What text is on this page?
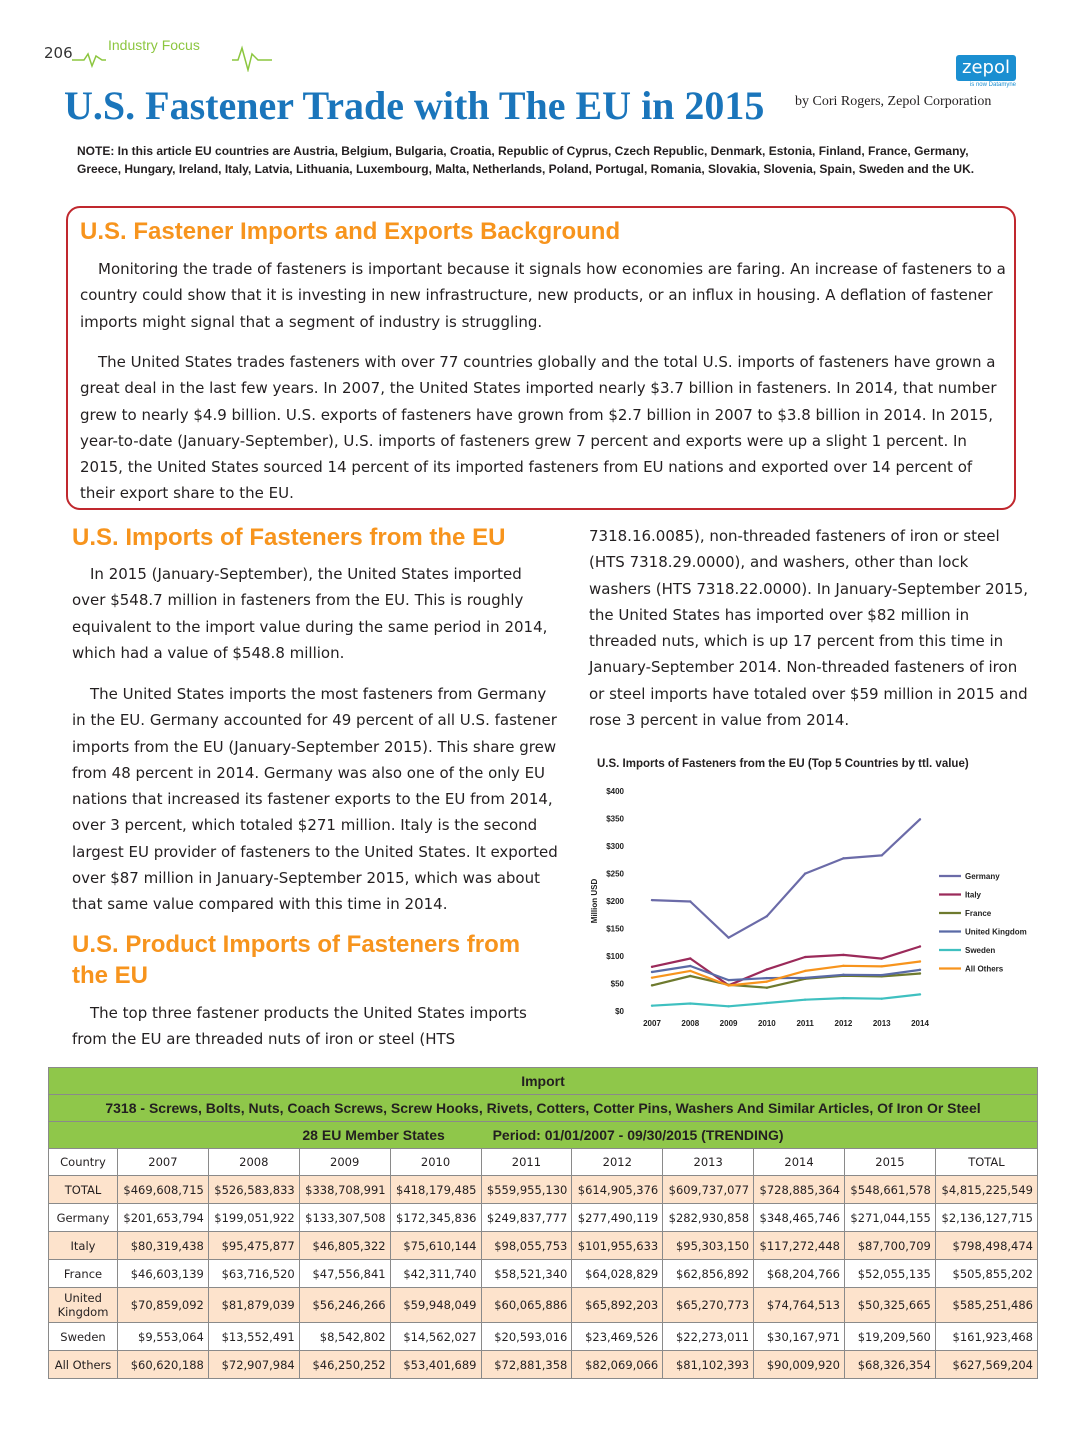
206	Industry Focus
zepol
is now Datamyne
U.S. Fastener Trade with The EU in 2015 by Cori Rogers, Zepol Corporation
NOTE: In this article EU countries are Austria, Belgium, Bulgaria, Croatia, Republic of Cyprus, Czech Republic, Denmark, Estonia, Finland, France, Germany, Greece, Hungary, Ireland, Italy, Latvia, Lithuania, Luxembourg, Malta, Netherlands, Poland, Portugal, Romania, Slovakia, Slovenia, Spain, Sweden and the UK.
U.S. Fastener Imports and Exports Background

Monitoring the trade of fasteners is important because it signals how economies are faring. An increase of fasteners to a country could show that it is investing in new infrastructure, new products, or an influx in housing. A deflation of fastener imports might signal that a segment of industry is struggling.

The United States trades fasteners with over 77 countries globally and the total U.S. imports of fasteners have grown a great deal in the last few years. In 2007, the United States imported nearly $3.7 billion in fasteners. In 2014, that number grew to nearly $4.9 billion. U.S. exports of fasteners have grown from $2.7 billion in 2007 to $3.8 billion in 2014. In 2015, year-to-date (January-September), U.S. imports of fasteners grew 7 percent and exports were up a slight 1 percent. In 2015, the United States sourced 14 percent of its imported fasteners from EU nations and exported over 14 percent of their export share to the EU.

U.S. Imports of Fasteners from the EU

In 2015 (January-September), the United States imported over $548.7 million in fasteners from the EU. This is roughly equivalent to the import value during the same period in 2014, which had a value of $548.8 million.

The United States imports the most fasteners from Germany in the EU. Germany accounted for 49 percent of all U.S. fastener imports from the EU (January-September 2015). This share grew from 48 percent in 2014. Germany was also one of the only EU nations that increased its fastener exports to the EU from 2014, over 3 percent, which totaled $271 million. Italy is the second largest EU provider of fasteners to the United States. It exported over $87 million in January-September 2015, which was about that same value compared with this time in 2014.

U.S. Product Imports of Fasteners from the EU

The top three fastener products the United States imports from the EU are threaded nuts of iron or steel (HTS

7318.16.0085), non-threaded fasteners of iron or steel (HTS 7318.29.0000), and washers, other than lock washers (HTS 7318.22.0000). In January-September 2015, the United States has imported over $82 million in threaded nuts, which is up 17 percent from this time in January-September 2014. Non-threaded fasteners of iron or steel imports have totaled over $59 million in 2015 and rose 3 percent in value from 2014.
U.S. Imports of Fasteners from the EU (Top 5 Countries by ttl. value)
$0
$50
$100
$150
$200
$250
$300
$350
$400
2007	2008	2009	2010	2011	2012	2013	2014
Million USD
Germany
Italy
France
United Kingdom
Sweden
All Others
Import										
7318 - Screws, Bolts, Nuts, Coach Screws, Screw Hooks, Rivets, Cotters, Cotter Pins, Washers And Similar Articles, Of Iron Or Steel										
28 EU Member States Period: 01/01/2007 - 09/30/2015 (TRENDING)										
Country	2007	2008	2009	2010	2011	2012	2013	2014	2015	TOTAL
TOTAL	$469,608,715	$526,583,833	$338,708,991	$418,179,485	$559,955,130	$614,905,376	$609,737,077	$728,885,364	$548,661,578	$4,815,225,549
Germany	$201,653,794	$199,051,922	$133,307,508	$172,345,836	$249,837,777	$277,490,119	$282,930,858	$348,465,746	$271,044,155	$2,136,127,715
Italy	$80,319,438	$95,475,877	$46,805,322	$75,610,144	$98,055,753	$101,955,633	$95,303,150	$117,272,448	$87,700,709	$798,498,474
France	$46,603,139	$63,716,520	$47,556,841	$42,311,740	$58,521,340	$64,028,829	$62,856,892	$68,204,766	$52,055,135	$505,855,202
United Kingdom	$70,859,092	$81,879,039	$56,246,266	$59,948,049	$60,065,886	$65,892,203	$65,270,773	$74,764,513	$50,325,665	$585,251,486
Sweden	$9,553,064	$13,552,491	$8,542,802	$14,562,027	$20,593,016	$23,469,526	$22,273,011	$30,167,971	$19,209,560	$161,923,468
All Others	$60,620,188	$72,907,984	$46,250,252	$53,401,689	$72,881,358	$82,069,066	$81,102,393	$90,009,920	$68,326,354	$627,569,204
